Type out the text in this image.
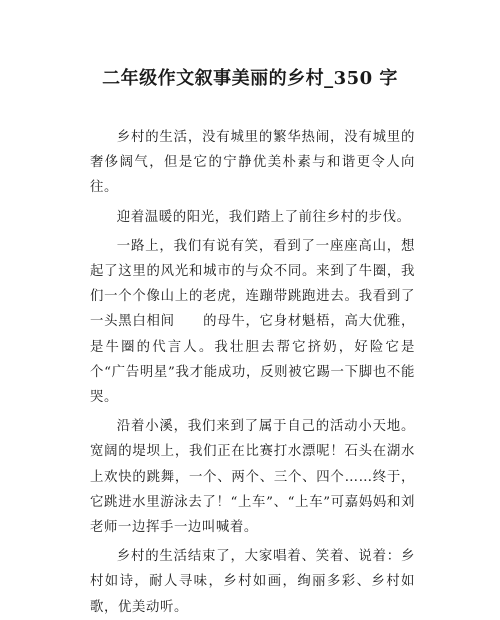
二年级作文叙事美丽的乡村_350 字

乡村的生活，没有城里的繁华热闹，没有城里的奢侈阔气，但是它的宁静优美朴素与和谐更令人向往。

迎着温暖的阳光，我们踏上了前往乡村的步伐。

一路上，我们有说有笑，看到了一座座高山，想起了这里的风光和城市的与众不同。来到了牛圈，我们一个个像山上的老虎，连蹦带跳跑进去。我看到了一头黑白相间　　的母牛，它身材魁梧，高大优雅，是牛圈的代言人。我壮胆去帮它挤奶，好险它是个“广告明星”我才能成功，反则被它踢一下脚也不能哭。

沿着小溪，我们来到了属于自己的活动小天地。宽阔的堤坝上，我们正在比赛打水漂呢！石头在湖水上欢快的跳舞，一个、两个、三个、四个……终于，它跳进水里游泳去了！“上车”、“上车”可嘉妈妈和刘老师一边挥手一边叫喊着。

乡村的生活结束了，大家唱着、笑着、说着：乡村如诗，耐人寻味，乡村如画，绚丽多彩、乡村如歌，优美动听。
